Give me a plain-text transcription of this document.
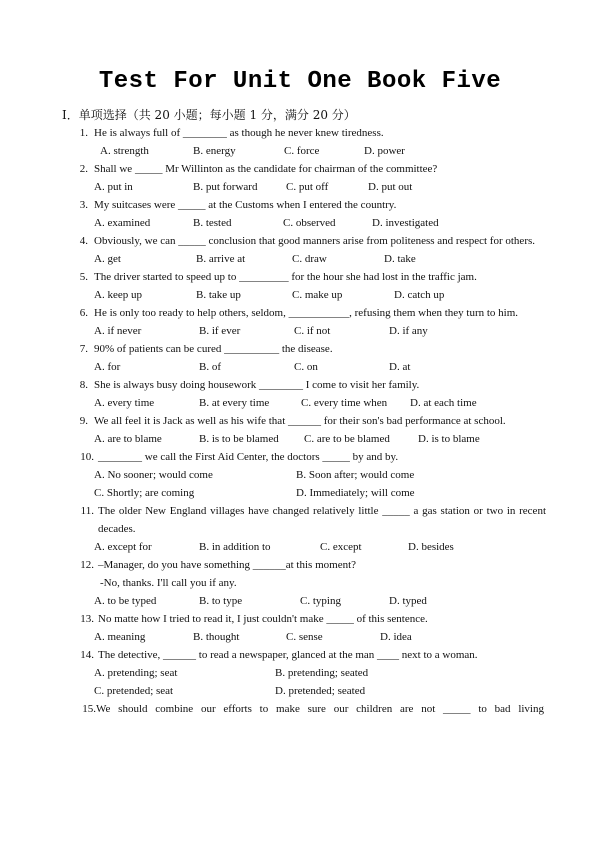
Test For Unit One Book Five
Ⅰ．单项选择（共 20 小题；每小题 1 分，满分 20 分）
1. He is always full of ________ as though he never knew tiredness.
A. strength	B. energy	C. force	D. power
2. Shall we _____ Mr Willinton as the candidate for chairman of the committee?
A. put in	B. put forward	C. put off	D. put out
3. My suitcases were _____ at the Customs when I entered the country.
A. examined	B. tested	C. observed	D. investigated
4. Obviously, we can _____ conclusion that good manners arise from politeness and respect for others.
A. get	B. arrive at	C. draw	D. take
5. The driver started to speed up to _________ for the hour she had lost in the traffic jam.
A. keep up	B. take up	C. make up	D. catch up
6. He is only too ready to help others, seldom, ___________, refusing them when they turn to him.
A. if never	B. if ever	C. if not	D. if any
7. 90% of patients can be cured __________ the disease.
A. for	B. of	C. on	D. at
8. She is always busy doing housework ________ I come to visit her family.
A. every time	B. at every time	C. every time when D. at each time
9. We all feel it is Jack as well as his wife that ______ for their son's bad performance at school.
A. are to blame	B. is to be blamed C. are to be blamed	D. is to blame
10. ________ we call the First Aid Center, the doctors _____ by and by.
A. No sooner; would come	B. Soon after; would come
C. Shortly; are coming	D. Immediately; will come
11. The older New England villages have changed relatively little _____ a gas station or two in recent decades.
A. except for	B. in addition to	C. except	D. besides
12. –Manager, do you have something ______at this moment?
-No, thanks. I'll call you if any.
A. to be typed	B. to type	C. typing	D. typed
13. No matte how I tried to read it, I just couldn't make _____ of this sentence.
A. meaning	B. thought	C. sense	D. idea
14. The detective, ______ to read a newspaper, glanced at the man ____ next to a woman.
A. pretending; seat	B. pretending; seated
C. pretended; seat	D. pretended; seated
15. We should combine our efforts to make sure our children are not _____ to bad living
